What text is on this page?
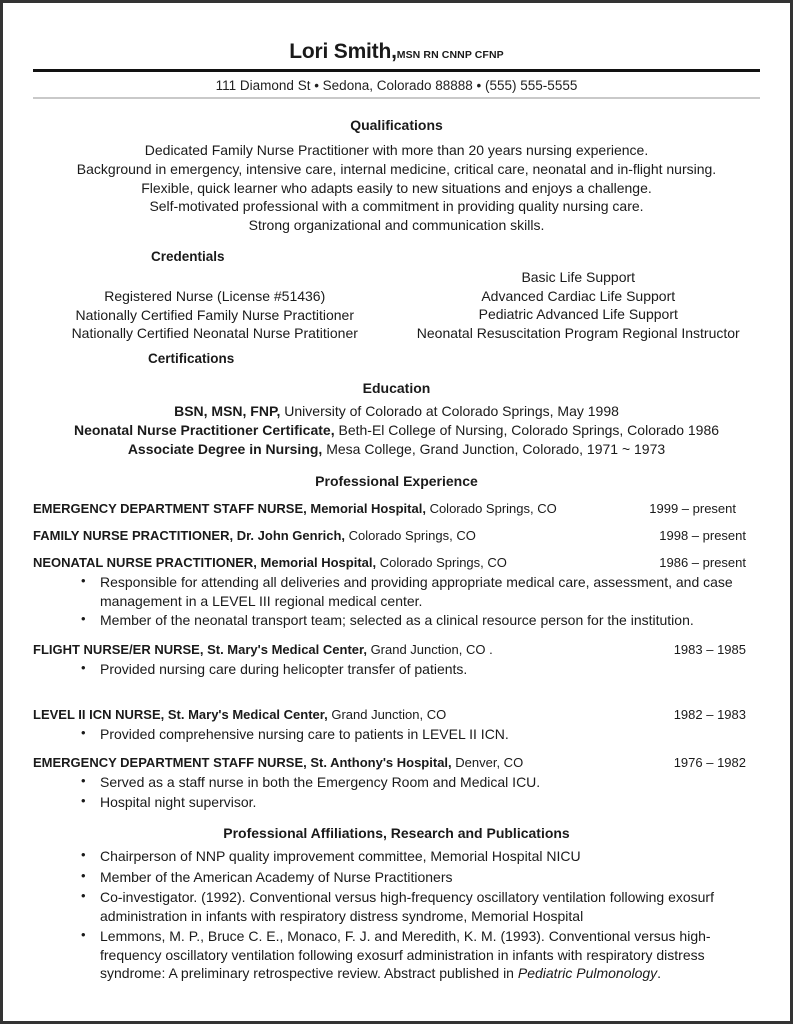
Lori Smith,MSN RN CNNP CFNP
111 Diamond St • Sedona, Colorado 88888 • (555) 555-5555
Qualifications
Dedicated Family Nurse Practitioner with more than 20 years nursing experience.
Background in emergency, intensive care, internal medicine, critical care, neonatal and in-flight nursing.
Flexible, quick learner who adapts easily to new situations and enjoys a challenge.
Self-motivated professional with a commitment in providing quality nursing care.
Strong organizational and communication skills.
Credentials
Registered Nurse (License #51436)
Nationally Certified Family Nurse Practitioner
Nationally Certified Neonatal Nurse Pratitioner
Basic Life Support
Advanced Cardiac Life Support
Pediatric Advanced Life Support
Neonatal Resuscitation Program Regional Instructor
Certifications
Education
BSN, MSN, FNP, University of Colorado at Colorado Springs, May 1998
Neonatal Nurse Practitioner Certificate, Beth-El College of Nursing, Colorado Springs, Colorado 1986
Associate Degree in Nursing, Mesa College, Grand Junction, Colorado, 1971 ~ 1973
Professional Experience
EMERGENCY DEPARTMENT STAFF NURSE, Memorial Hospital, Colorado Springs, CO	1999 – present
FAMILY NURSE PRACTITIONER, Dr. John Genrich, Colorado Springs, CO	1998 – present
NEONATAL NURSE PRACTITIONER, Memorial Hospital, Colorado Springs, CO	1986 – present
• Responsible for attending all deliveries and providing appropriate medical care, assessment, and case management in a LEVEL III regional medical center.
• Member of the neonatal transport team; selected as a clinical resource person for the institution.
FLIGHT NURSE/ER NURSE, St. Mary's Medical Center, Grand Junction, CO .	1983 – 1985
• Provided nursing care during helicopter transfer of patients.
LEVEL II ICN NURSE, St. Mary's Medical Center, Grand Junction, CO	1982 – 1983
• Provided comprehensive nursing care to patients in LEVEL II ICN.
EMERGENCY DEPARTMENT STAFF NURSE, St. Anthony's Hospital, Denver, CO	1976 – 1982
• Served as a staff nurse in both the Emergency Room and Medical ICU.
• Hospital night supervisor.
Professional Affiliations, Research and Publications
• Chairperson of NNP quality improvement committee, Memorial Hospital NICU
• Member of the American Academy of Nurse Practitioners
• Co-investigator. (1992). Conventional versus high-frequency oscillatory ventilation following exosurf administration in infants with respiratory distress syndrome, Memorial Hospital
• Lemmons, M. P., Bruce C. E., Monaco, F. J. and Meredith, K. M. (1993). Conventional versus high-frequency oscillatory ventilation following exosurf administration in infants with respiratory distress syndrome: A preliminary retrospective review. Abstract published in Pediatric Pulmonology.
